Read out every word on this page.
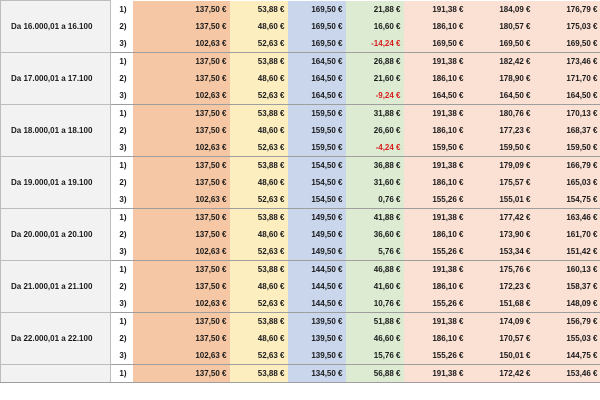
Da 16.000,01 a 16.100	1)	137,50 €	53,88 €	169,50 €	21,88 €	191,38 €	184,09 €	176,79 €
	2)	137,50 €	48,60 €	169,50 €	16,60 €	186,10 €	180,57 €	175,03 €
	3)	102,63 €	52,63 €	169,50 €	-14,24 €	169,50 €	169,50 €	169,50 €
Da 17.000,01 a 17.100	1)	137,50 €	53,88 €	164,50 €	26,88 €	191,38 €	182,42 €	173,46 €
	2)	137,50 €	48,60 €	164,50 €	21,60 €	186,10 €	178,90 €	171,70 €
	3)	102,63 €	52,63 €	164,50 €	-9,24 €	164,50 €	164,50 €	164,50 €
Da 18.000,01 a 18.100	1)	137,50 €	53,88 €	159,50 €	31,88 €	191,38 €	180,76 €	170,13 €
	2)	137,50 €	48,60 €	159,50 €	26,60 €	186,10 €	177,23 €	168,37 €
	3)	102,63 €	52,63 €	159,50 €	-4,24 €	159,50 €	159,50 €	159,50 €
Da 19.000,01 a 19.100	1)	137,50 €	53,88 €	154,50 €	36,88 €	191,38 €	179,09 €	166,79 €
	2)	137,50 €	48,60 €	154,50 €	31,60 €	186,10 €	175,57 €	165,03 €
	3)	102,63 €	52,63 €	154,50 €	0,76 €	155,26 €	155,01 €	154,75 €
Da 20.000,01 a 20.100	1)	137,50 €	53,88 €	149,50 €	41,88 €	191,38 €	177,42 €	163,46 €
	2)	137,50 €	48,60 €	149,50 €	36,60 €	186,10 €	173,90 €	161,70 €
	3)	102,63 €	52,63 €	149,50 €	5,76 €	155,26 €	153,34 €	151,42 €
Da 21.000,01 a 21.100	1)	137,50 €	53,88 €	144,50 €	46,88 €	191,38 €	175,76 €	160,13 €
	2)	137,50 €	48,60 €	144,50 €	41,60 €	186,10 €	172,23 €	158,37 €
	3)	102,63 €	52,63 €	144,50 €	10,76 €	155,26 €	151,68 €	148,09 €
Da 22.000,01 a 22.100	1)	137,50 €	53,88 €	139,50 €	51,88 €	191,38 €	174,09 €	156,79 €
	2)	137,50 €	48,60 €	139,50 €	46,60 €	186,10 €	170,57 €	155,03 €
	3)	102,63 €	52,63 €	139,50 €	15,76 €	155,26 €	150,01 €	144,75 €
	1)	137,50 €	53,88 €	134,50 €	56,88 €	191,38 €	172,42 €	153,46 €
